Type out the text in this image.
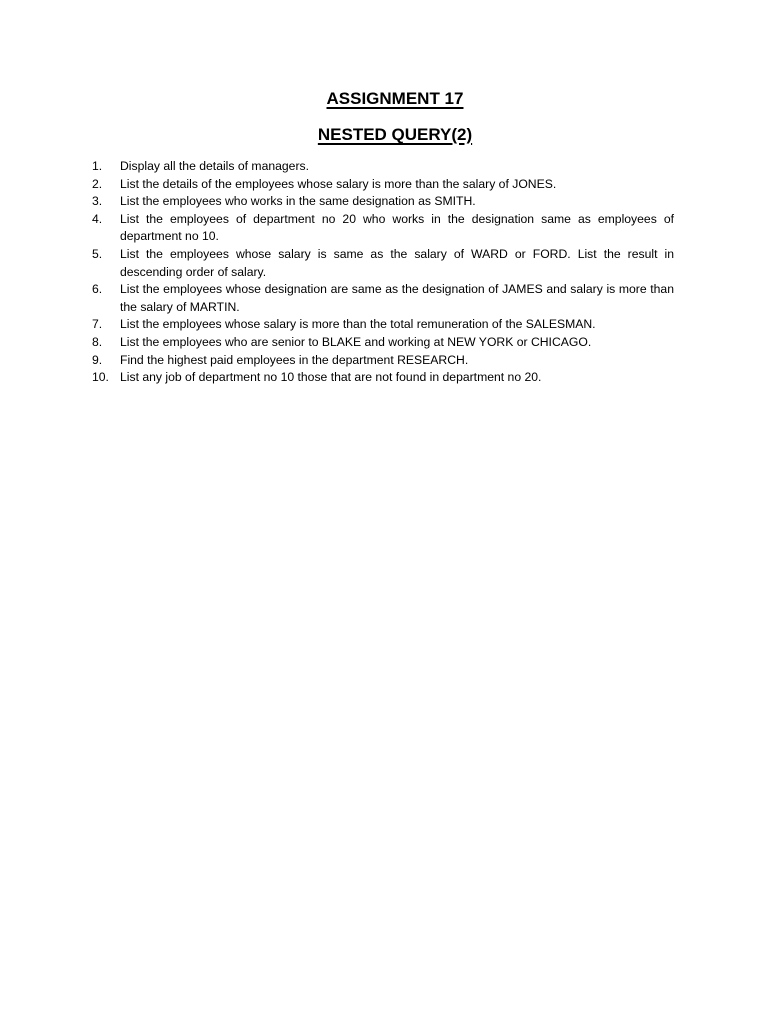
ASSIGNMENT 17
NESTED QUERY(2)
1.	Display all the details of managers.
2.	List the details of the employees whose salary is more than the salary of JONES.
3.	List the employees who works in the same designation as SMITH.
4.	List the employees of department no 20 who works in the designation same as employees of department no 10.
5.	List the employees whose salary is same as the salary of WARD or FORD. List the result in descending order of salary.
6.	List the employees whose designation are same as the designation of JAMES and salary is more than the salary of MARTIN.
7.	List the employees whose salary is more than the total remuneration of the SALESMAN.
8.	List the employees who are senior to BLAKE and working at NEW YORK or CHICAGO.
9.	Find the highest paid employees in the department RESEARCH.
10. List any job of department no 10 those that are not found in department no 20.
